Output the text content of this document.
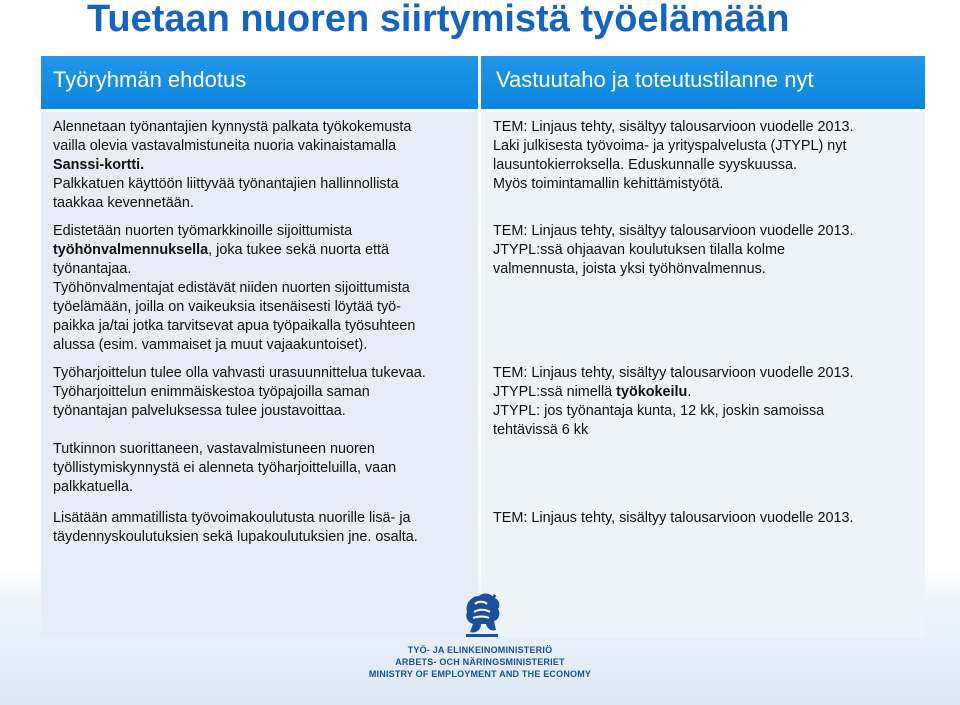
Tuetaan nuoren siirtymistä työelämään
Työryhmän ehdotus	Vastuutaho ja toteutustilanne nyt

Alennetaan työnantajien kynnystä palkata työkokemusta
vailla olevia vastavalmistuneita nuoria vakinaistamalla
Sanssi-kortti.
Palkkatuen käyttöön liittyvää työnantajien hallinnollista
taakkaa kevennetään.

Edistetään nuorten työmarkkinoille sijoittumista
työhönvalmennuksella, joka tukee sekä nuorta että
työnantajaa.
Työhönvalmentajat edistävät niiden nuorten sijoittumista
työelämään, joilla on vaikeuksia itsenäisesti löytää työ-
paikka ja/tai jotka tarvitsevat apua työpaikalla työsuhteen
alussa (esim. vammaiset ja muut vajaakuntoiset).

Työharjoittelun tulee olla vahvasti urasuunnittelua tukevaa.
Työharjoittelun enimmäiskestoa työpajoilla saman
työnantajan palveluksessa tulee joustavoittaa.

Tutkinnon suorittaneen, vastavalmistuneen nuoren
työllistymiskynnystä ei alenneta työharjoitteluilla, vaan
palkkatuella.

Lisätään ammatillista työvoimakoulutusta nuorille lisä- ja
täydennyskoulutuksien sekä lupakoulutuksien jne. osalta.

TEM: Linjaus tehty, sisältyy talousarvioon vuodelle 2013.
Laki julkisesta työvoima- ja yrityspalvelusta (JTYPL) nyt
lausuntokierroksella. Eduskunnalle syyskuussa.
Myös toimintamallin kehittämistyötä.

TEM: Linjaus tehty, sisältyy talousarvioon vuodelle 2013.
JTYPL:ssä ohjaavan koulutuksen tilalla kolme
valmennusta, joista yksi työhönvalmennus.

TEM: Linjaus tehty, sisältyy talousarvioon vuodelle 2013.
JTYPL:ssä nimellä työkokeilu.
JTYPL: jos työnantaja kunta, 12 kk, joskin samoissa
tehtävissä 6 kk

TEM: Linjaus tehty, sisältyy talousarvioon vuodelle 2013.

TYÖ- JA ELINKEINOMINISTERIÖ
ARBETS- OCH NÄRINGSMINISTERIET
MINISTRY OF EMPLOYMENT AND THE ECONOMY
